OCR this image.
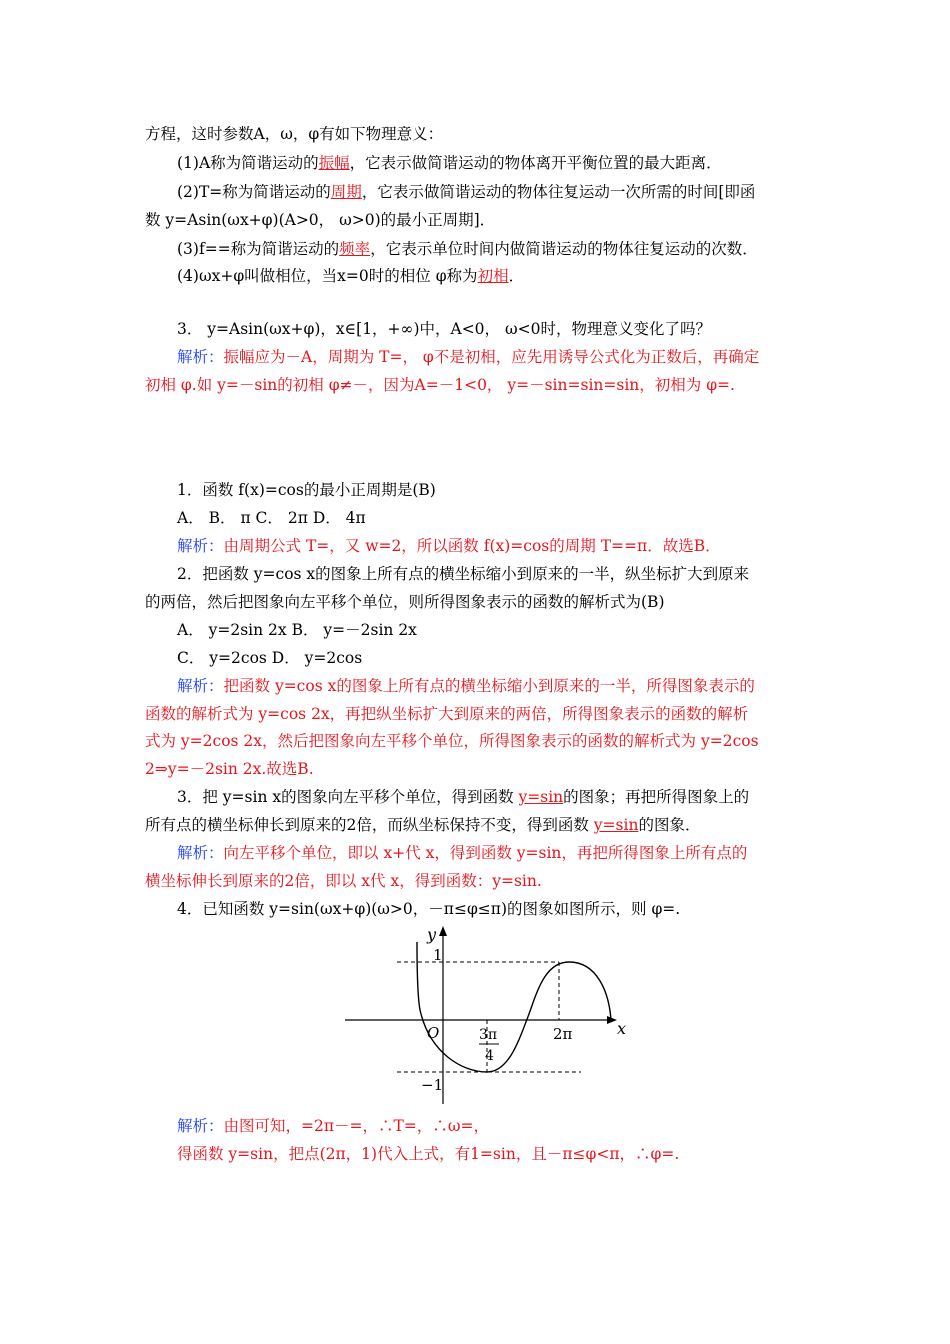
方程，这时参数A，ω，φ有如下物理意义：
(1)A称为简谐运动的振幅，它表示做简谐运动的物体离开平衡位置的最大距离．
(2)T=称为简谐运动的周期，它表示做简谐运动的物体往复运动一次所需的时间[即函
数 y=Asin(ωx+φ)(A>0， ω>0)的最小正周期]．
(3)f==称为简谐运动的频率，它表示单位时间内做简谐运动的物体往复运动的次数．
(4)ωx+φ叫做相位，当x=0时的相位 φ称为初相．
3． y=Asin(ωx+φ)，x∈[1，+∞)中，A<0， ω<0时，物理意义变化了吗？
解析：振幅应为－A，周期为 T=， φ不是初相，应先用诱导公式化为正数后，再确定
初相 φ.如 y=－sin的初相 φ≠－，因为A=－1<0， y=－sin=sin=sin，初相为 φ=.
1．函数 f(x)=cos的最小正周期是(B)
A． B． π C． 2π D． 4π
解析：由周期公式 T=，又 w=2，所以函数 f(x)=cos的周期 T==π．故选B．
2．把函数 y=cos x的图象上所有点的横坐标缩小到原来的一半，纵坐标扩大到原来
的两倍，然后把图象向左平移个单位，则所得图象表示的函数的解析式为(B)
A． y=2sin 2x B． y=－2sin 2x
C． y=2cos D． y=2cos
解析：把函数 y=cos x的图象上所有点的横坐标缩小到原来的一半，所得图象表示的
函数的解析式为 y=cos 2x，再把纵坐标扩大到原来的两倍，所得图象表示的函数的解析
式为 y=2cos 2x，然后把图象向左平移个单位，所得图象表示的函数的解析式为 y=2cos
2⇒y=－2sin 2x.故选B.
3．把 y=sin x的图象向左平移个单位，得到函数 y=sin的图象；再把所得图象上的
所有点的横坐标伸长到原来的2倍，而纵坐标保持不变，得到函数 y=sin的图象．
解析：向左平移个单位，即以 x+代 x，得到函数 y=sin，再把所得图象上所有点的
横坐标伸长到原来的2倍，即以 x代 x，得到函数：y=sin.
4．已知函数 y=sin(ωx+φ)(ω>0，－π≤φ≤π)的图象如图所示，则 φ=.
y
x
O
1
−1
3π
4
2π
解析：由图可知，=2π－=，∴T=，∴ω=，
得函数 y=sin，把点(2π，1)代入上式，有1=sin，且－π≤φ<π，∴φ=.
